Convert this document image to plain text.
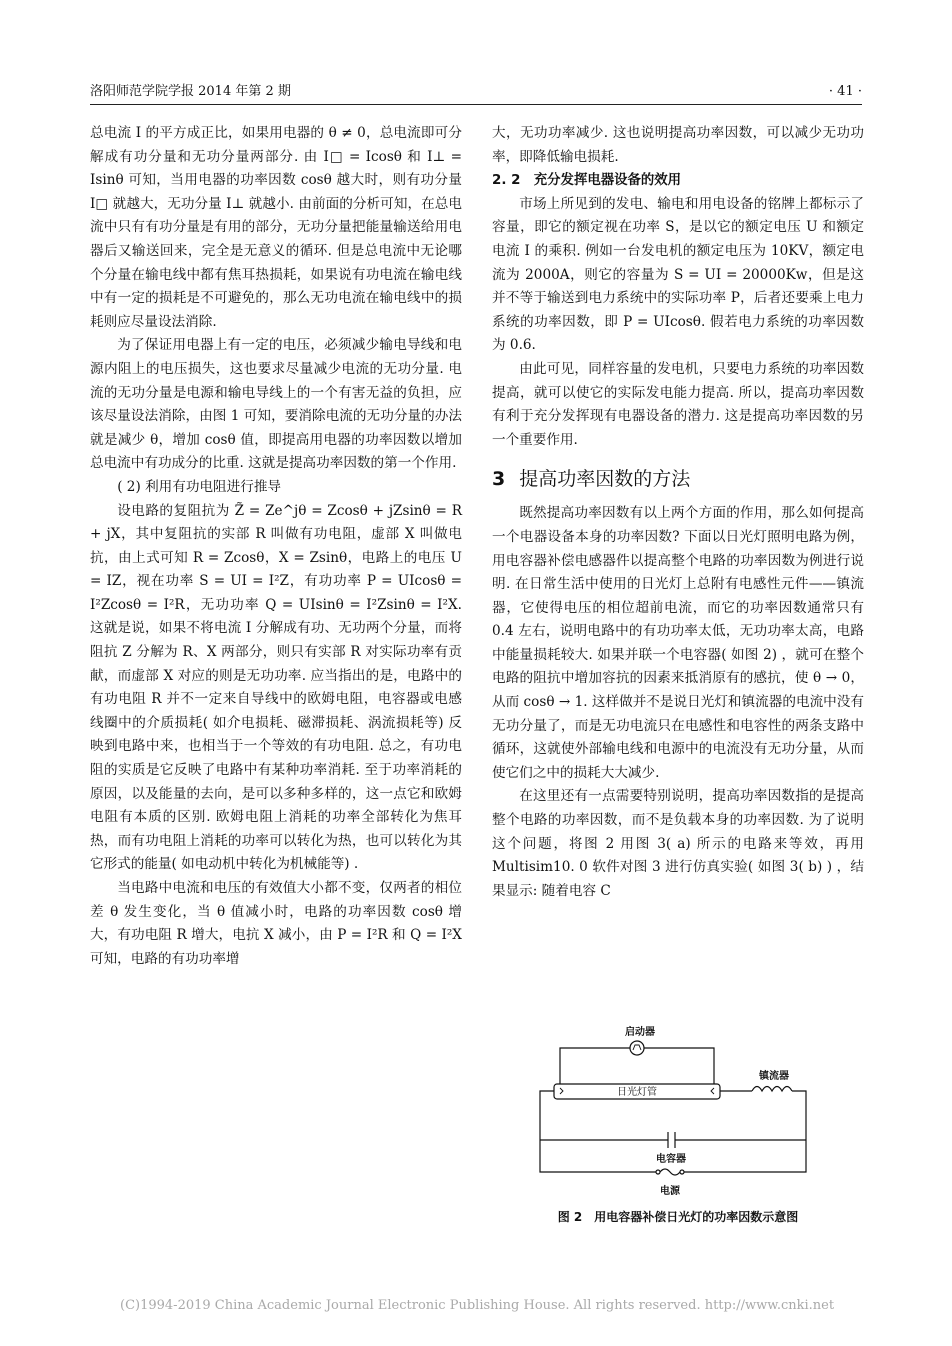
洛阳师范学院学报 2014 年第 2 期	· 41 ·

总电流 I 的平方成正比，如果用电器的 θ ≠ 0，总电流即可分解成有功分量和无功分量两部分. 由 I□ = Icosθ 和 I⊥ = Isinθ 可知，当用电器的功率因数 cosθ 越大时，则有功分量 I□ 就越大，无功分量 I⊥ 就越小. 由前面的分析可知，在总电流中只有有功分量是有用的部分，无功分量把能量输送给用电器后又输送回来，完全是无意义的循环. 但是总电流中无论哪个分量在输电线中都有焦耳热损耗，如果说有功电流在输电线中有一定的损耗是不可避免的，那么无功电流在输电线中的损耗则应尽量设法消除.

为了保证用电器上有一定的电压，必须减少输电导线和电源内阻上的电压损失，这也要求尽量减少电流的无功分量. 电流的无功分量是电源和输电导线上的一个有害无益的负担，应该尽量设法消除，由图 1 可知，要消除电流的无功分量的办法就是减少 θ，增加 cosθ 值，即提高用电器的功率因数以增加总电流中有功成分的比重. 这就是提高功率因数的第一个作用.

( 2) 利用有功电阻进行推导

设电路的复阻抗为 Z̃ = Ze^jθ = Zcosθ + jZsinθ = R + jX，其中复阻抗的实部 R 叫做有功电阻，虚部 X 叫做电抗，由上式可知 R = Zcosθ，X = Zsinθ，电路上的电压 U = IZ，视在功率 S = UI = I²Z，有功功率 P = UIcosθ = I²Zcosθ = I²R，无功功率 Q = UIsinθ = I²Zsinθ = I²X. 这就是说，如果不将电流 I 分解成有功、无功两个分量，而将阻抗 Z 分解为 R、X 两部分，则只有实部 R 对实际功率有贡献，而虚部 X 对应的则是无功功率. 应当指出的是，电路中的有功电阻 R 并不一定来自导线中的欧姆电阻，电容器或电感线圈中的介质损耗( 如介电损耗、磁滞损耗、涡流损耗等) 反映到电路中来，也相当于一个等效的有功电阻. 总之，有功电阻的实质是它反映了电路中有某种功率消耗. 至于功率消耗的原因，以及能量的去向，是可以多种多样的，这一点它和欧姆电阻有本质的区别. 欧姆电阻上消耗的功率全部转化为焦耳热，而有功电阻上消耗的功率可以转化为热，也可以转化为其它形式的能量( 如电动机中转化为机械能等) .

当电路中电流和电压的有效值大小都不变，仅两者的相位差 θ 发生变化，当 θ 值减小时，电路的功率因数 cosθ 增大，有功电阻 R 增大，电抗 X 减小，由 P = I²R 和 Q = I²X 可知，电路的有功功率增

大，无功功率减少. 这也说明提高功率因数，可以减少无功功率，即降低输电损耗.

2. 2　充分发挥电器设备的效用

市场上所见到的发电、输电和用电设备的铭牌上都标示了容量，即它的额定视在功率 S，是以它的额定电压 U 和额定电流 I 的乘积. 例如一台发电机的额定电压为 10KV，额定电流为 2000A，则它的容量为 S = UI = 20000Kw，但是这并不等于输送到电力系统中的实际功率 P，后者还要乘上电力系统的功率因数，即 P = UIcosθ. 假若电力系统的功率因数为 0.6.

由此可见，同样容量的发电机，只要电力系统的功率因数提高，就可以使它的实际发电能力提高. 所以，提高功率因数有利于充分发挥现有电器设备的潜力. 这是提高功率因数的另一个重要作用.

3 提高功率因数的方法

既然提高功率因数有以上两个方面的作用，那么如何提高一个电器设备本身的功率因数? 下面以日光灯照明电路为例，用电容器补偿电感器件以提高整个电路的功率因数为例进行说明. 在日常生活中使用的日光灯上总附有电感性元件——镇流器，它使得电压的相位超前电流，而它的功率因数通常只有 0.4 左右，说明电路中的有功功率太低，无功功率太高，电路中能量损耗较大. 如果并联一个电容器( 如图 2) ，就可在整个电路的阻抗中增加容抗的因素来抵消原有的感抗，使 θ → 0，从而 cosθ → 1. 这样做并不是说日光灯和镇流器的电流中没有无功分量了，而是无功电流只在电感性和电容性的两条支路中循环，这就使外部输电线和电源中的电流没有无功分量，从而使它们之中的损耗大大减少.

在这里还有一点需要特别说明，提高功率因数指的是提高整个电路的功率因数，而不是负载本身的功率因数. 为了说明这个问题，将图 2 用图 3( a) 所示的电路来等效，再用 Multisim10. 0 软件对图 3 进行仿真实验( 如图 3( b) ) ，结果显示: 随着电容 C

启动器
日光灯管
镇流器
电容器
电源
图 2　用电容器补偿日光灯的功率因数示意图
(C)1994-2019 China Academic Journal Electronic Publishing House. All rights reserved. http://www.cnki.net
